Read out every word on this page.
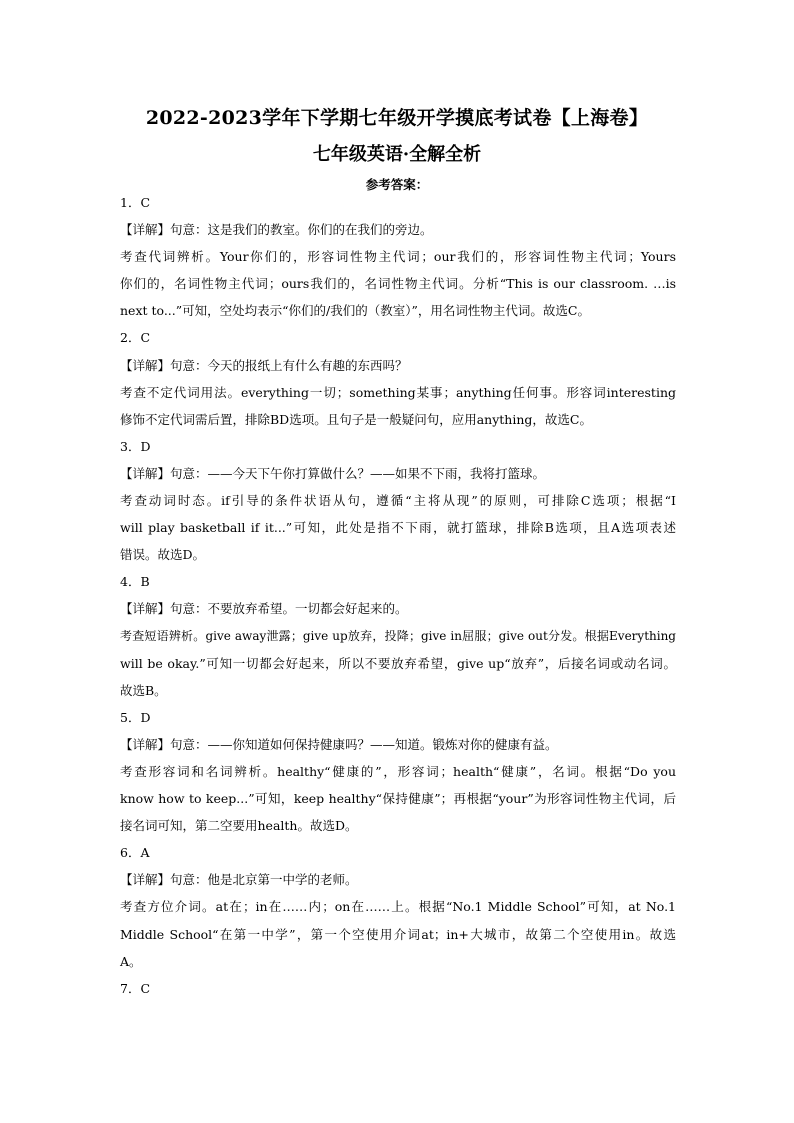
2022-2023学年下学期七年级开学摸底考试卷【上海卷】
七年级英语·全解全析
参考答案：
1．C
【详解】句意：这是我们的教室。你们的在我们的旁边。
考查代词辨析。Your你们的，形容词性物主代词；our我们的，形容词性物主代词；Yours
你们的，名词性物主代词；ours我们的，名词性物主代词。分析“This is our classroom. …is
next to...”可知，空处均表示“你们的/我们的（教室）”，用名词性物主代词。故选C。
2．C
【详解】句意：今天的报纸上有什么有趣的东西吗？
考查不定代词用法。everything一切；something某事；anything任何事。形容词interesting
修饰不定代词需后置，排除BD选项。且句子是一般疑问句，应用anything，故选C。
3．D
【详解】句意：——今天下午你打算做什么？——如果不下雨，我将打篮球。
考查动词时态。if引导的条件状语从句，遵循“主将从现”的原则，可排除C选项；根据“I
will play basketball if it...”可知，此处是指不下雨，就打篮球，排除B选项，且A选项表述
错误。故选D。
4．B
【详解】句意：不要放弃希望。一切都会好起来的。
考查短语辨析。give away泄露；give up放弃，投降；give in屈服；give out分发。根据Everything
will be okay.”可知一切都会好起来，所以不要放弃希望，give up“放弃”，后接名词或动名词。
故选B。
5．D
【详解】句意：——你知道如何保持健康吗？——知道。锻炼对你的健康有益。
考查形容词和名词辨析。healthy“健康的”，形容词；health“健康”，名词。根据“Do you
know how to keep...”可知，keep healthy“保持健康”；再根据“your”为形容词性物主代词，后
接名词可知，第二空要用health。故选D。
6．A
【详解】句意：他是北京第一中学的老师。
考查方位介词。at在；in在……内；on在……上。根据“No.1 Middle School”可知，at No.1
Middle School“在第一中学”，第一个空使用介词at；in+大城市，故第二个空使用in。故选
A。
7．C
